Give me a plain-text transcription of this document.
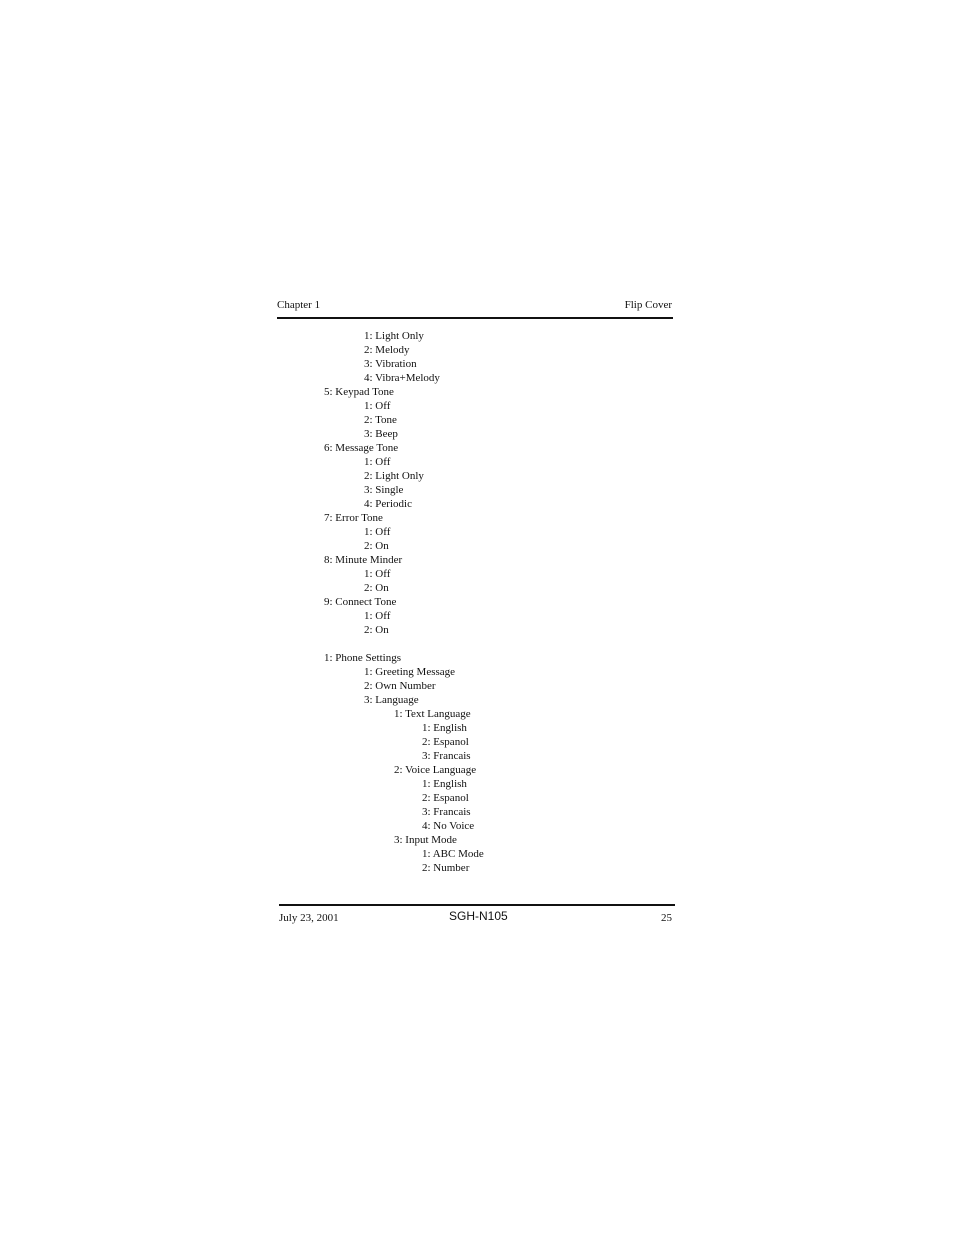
Chapter 1	Flip Cover
1: Light Only
2: Melody
3: Vibration
4: Vibra+Melody
5: Keypad Tone
1: Off
2: Tone
3: Beep
6: Message Tone
1: Off
2: Light Only
3: Single
4: Periodic
7: Error Tone
1: Off
2: On
8: Minute Minder
1: Off
2: On
9: Connect Tone
1: Off
2: On
1: Phone Settings
1: Greeting Message
2: Own Number
3: Language
1: Text Language
1: English
2: Espanol
3: Francais
2: Voice Language
1: English
2: Espanol
3: Francais
4: No Voice
3: Input Mode
1: ABC Mode
2: Number
July 23, 2001	SGH-N105	25
